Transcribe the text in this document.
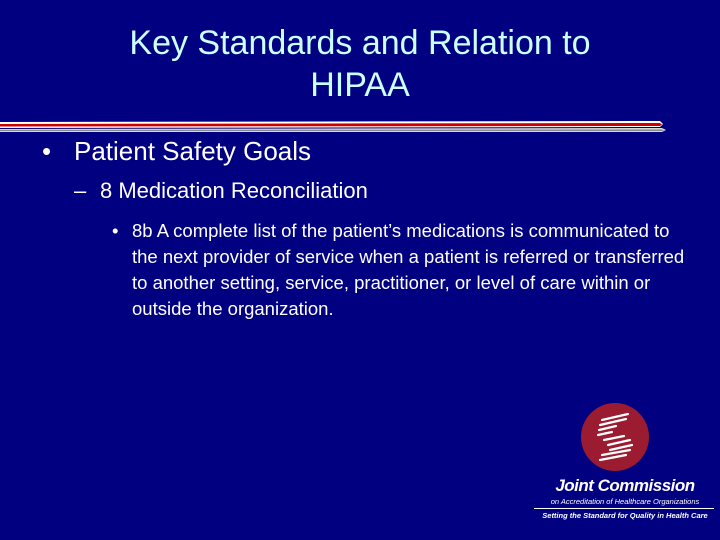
Key Standards and Relation to
HIPAA
• Patient Safety Goals
– 8 Medication Reconciliation
• 8b A complete list of the patient’s medications is communicated to the next provider of service when a patient is referred or transferred to another setting, service, practitioner, or level of care within or outside the organization.
Joint Commission
on Accreditation of Healthcare Organizations
Setting the Standard for Quality in Health Care
